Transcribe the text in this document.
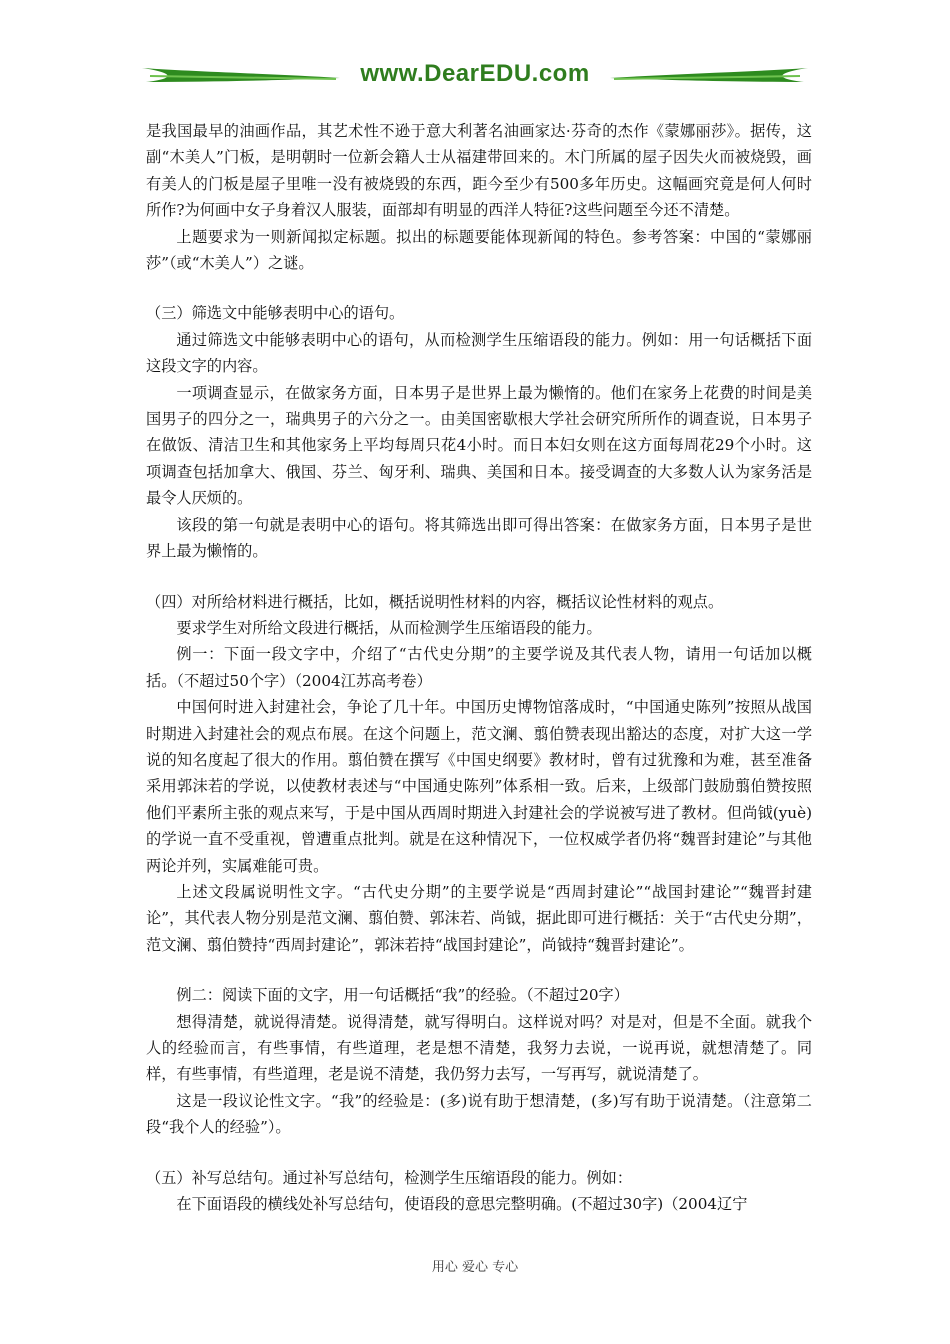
www.DearEDU.com

是我国最早的油画作品，其艺术性不逊于意大利著名油画家达·芬奇的杰作《蒙娜丽莎》。据传，这副“木美人”门板，是明朝时一位新会籍人士从福建带回来的。木门所属的屋子因失火而被烧毁，画有美人的门板是屋子里唯一没有被烧毁的东西，距今至少有500多年历史。这幅画究竟是何人何时所作?为何画中女子身着汉人服装，面部却有明显的西洋人特征?这些问题至今还不清楚。

上题要求为一则新闻拟定标题。拟出的标题要能体现新闻的特色。参考答案：中国的“蒙娜丽莎”（或“木美人”）之谜。

（三）筛选文中能够表明中心的语句。

通过筛选文中能够表明中心的语句，从而检测学生压缩语段的能力。例如：用一句话概括下面这段文字的内容。

一项调查显示，在做家务方面，日本男子是世界上最为懒惰的。他们在家务上花费的时间是美国男子的四分之一，瑞典男子的六分之一。由美国密歇根大学社会研究所所作的调查说，日本男子在做饭、清洁卫生和其他家务上平均每周只花4小时。而日本妇女则在这方面每周花29个小时。这项调查包括加拿大、俄国、芬兰、匈牙利、瑞典、美国和日本。接受调查的大多数人认为家务活是最令人厌烦的。

该段的第一句就是表明中心的语句。将其筛选出即可得出答案：在做家务方面，日本男子是世界上最为懒惰的。

（四）对所给材料进行概括，比如，概括说明性材料的内容，概括议论性材料的观点。

要求学生对所给文段进行概括，从而检测学生压缩语段的能力。

例一：下面一段文字中，介绍了“古代史分期”的主要学说及其代表人物，请用一句话加以概括。（不超过50个字）（2004江苏高考卷）

中国何时进入封建社会，争论了几十年。中国历史博物馆落成时，“中国通史陈列”按照从战国时期进入封建社会的观点布展。在这个问题上，范文澜、翦伯赞表现出豁达的态度，对扩大这一学说的知名度起了很大的作用。翦伯赞在撰写《中国史纲要》教材时，曾有过犹豫和为难，甚至准备采用郭沫若的学说，以使教材表述与“中国通史陈列”体系相一致。后来，上级部门鼓励翦伯赞按照他们平素所主张的观点来写，于是中国从西周时期进入封建社会的学说被写进了教材。但尚钺(yuè)的学说一直不受重视，曾遭重点批判。就是在这种情况下，一位权威学者仍将“魏晋封建论”与其他两论并列，实属难能可贵。

上述文段属说明性文字。“古代史分期”的主要学说是“西周封建论”“战国封建论”“魏晋封建论”，其代表人物分别是范文澜、翦伯赞、郭沫若、尚钺，据此即可进行概括：关于“古代史分期”，范文澜、翦伯赞持“西周封建论”，郭沫若持“战国封建论”，尚钺持“魏晋封建论”。

例二：阅读下面的文字，用一句话概括“我”的经验。（不超过20字）

想得清楚，就说得清楚。说得清楚，就写得明白。这样说对吗？对是对，但是不全面。就我个人的经验而言，有些事情，有些道理，老是想不清楚，我努力去说，一说再说，就想清楚了。同样，有些事情，有些道理，老是说不清楚，我仍努力去写，一写再写，就说清楚了。

这是一段议论性文字。“我”的经验是：(多)说有助于想清楚，(多)写有助于说清楚。（注意第二段“我个人的经验”）。

（五）补写总结句。通过补写总结句，检测学生压缩语段的能力。例如：

在下面语段的横线处补写总结句，使语段的意思完整明确。(不超过30字)（2004辽宁

用心 爱心 专心
